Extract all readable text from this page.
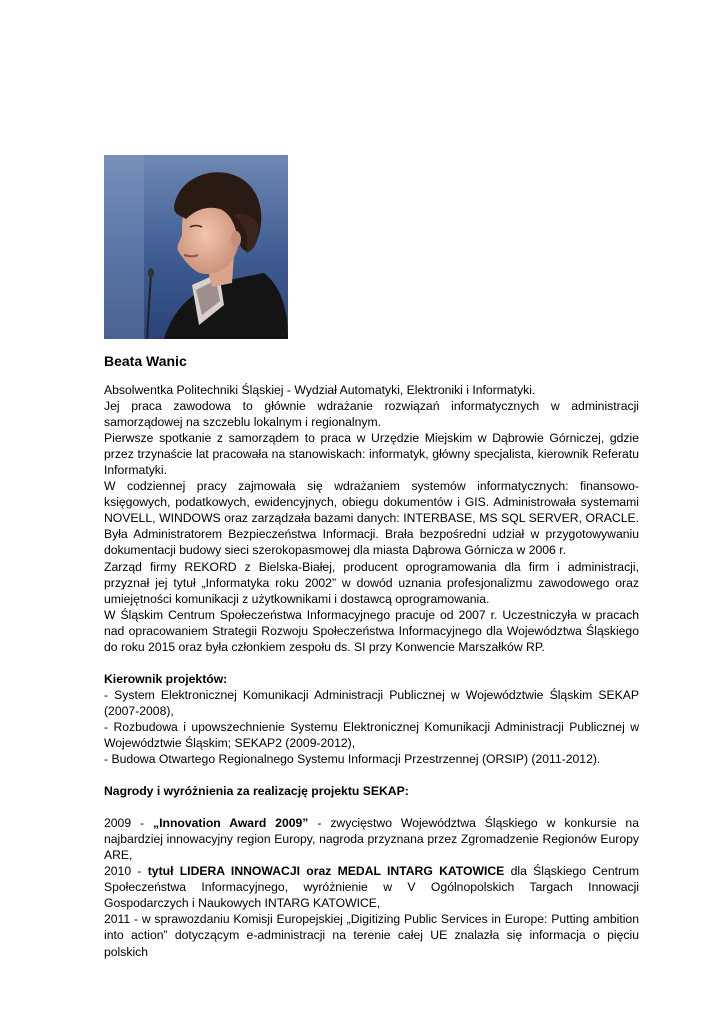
Beata Wanic

Absolwentka Politechniki Śląskiej - Wydział Automatyki, Elektroniki i Informatyki.

Jej praca zawodowa to głównie wdrażanie rozwiązań informatycznych w administracji samorządowej na szczeblu lokalnym i regionalnym.

Pierwsze spotkanie z samorządem to praca w Urzędzie Miejskim w Dąbrowie Górniczej, gdzie przez trzynaście lat pracowała na stanowiskach: informatyk, główny specjalista, kierownik Referatu Informatyki.

W codziennej pracy zajmowała się wdrażaniem systemów informatycznych: finansowo-księgowych, podatkowych, ewidencyjnych, obiegu dokumentów i GIS. Administrowała systemami NOVELL, WINDOWS oraz zarządzała bazami danych: INTERBASE, MS SQL SERVER, ORACLE. Była Administratorem Bezpieczeństwa Informacji. Brała bezpośredni udział w przygotowywaniu dokumentacji budowy sieci szerokopasmowej dla miasta Dąbrowa Górnicza w 2006 r.

Zarząd firmy REKORD z Bielska-Białej, producent oprogramowania dla firm i administracji, przyznał jej tytuł „Informatyka roku 2002” w dowód uznania profesjonalizmu zawodowego oraz umiejętności komunikacji z użytkownikami i dostawcą oprogramowania.

W Śląskim Centrum Społeczeństwa Informacyjnego pracuje od 2007 r. Uczestniczyła w pracach nad opracowaniem Strategii Rozwoju Społeczeństwa Informacyjnego dla Województwa Śląskiego do roku 2015 oraz była członkiem zespołu ds. SI przy Konwencie Marszałków RP.

Kierownik projektów:

- System Elektronicznej Komunikacji Administracji Publicznej w Województwie Śląskim SEKAP (2007-2008),

- Rozbudowa i upowszechnienie Systemu Elektronicznej Komunikacji Administracji Publicznej w Województwie Śląskim; SEKAP2 (2009-2012),

- Budowa Otwartego Regionalnego Systemu Informacji Przestrzennej (ORSIP) (2011-2012).

Nagrody i wyróżnienia za realizację projektu SEKAP:

2009 - „Innovation Award 2009” - zwycięstwo Województwa Śląskiego w konkursie na najbardziej innowacyjny region Europy, nagroda przyznana przez Zgromadzenie Regionów Europy ARE,

2010 - tytuł LIDERA INNOWACJI oraz MEDAL INTARG KATOWICE dla Śląskiego Centrum Społeczeństwa Informacyjnego, wyróżnienie w V Ogólnopolskich Targach Innowacji Gospodarczych i Naukowych INTARG KATOWICE,

2011 - w sprawozdaniu Komisji Europejskiej „Digitizing Public Services in Europe: Putting ambition into action” dotyczącym e-administracji na terenie całej UE znalazła się informacja o pięciu polskich
